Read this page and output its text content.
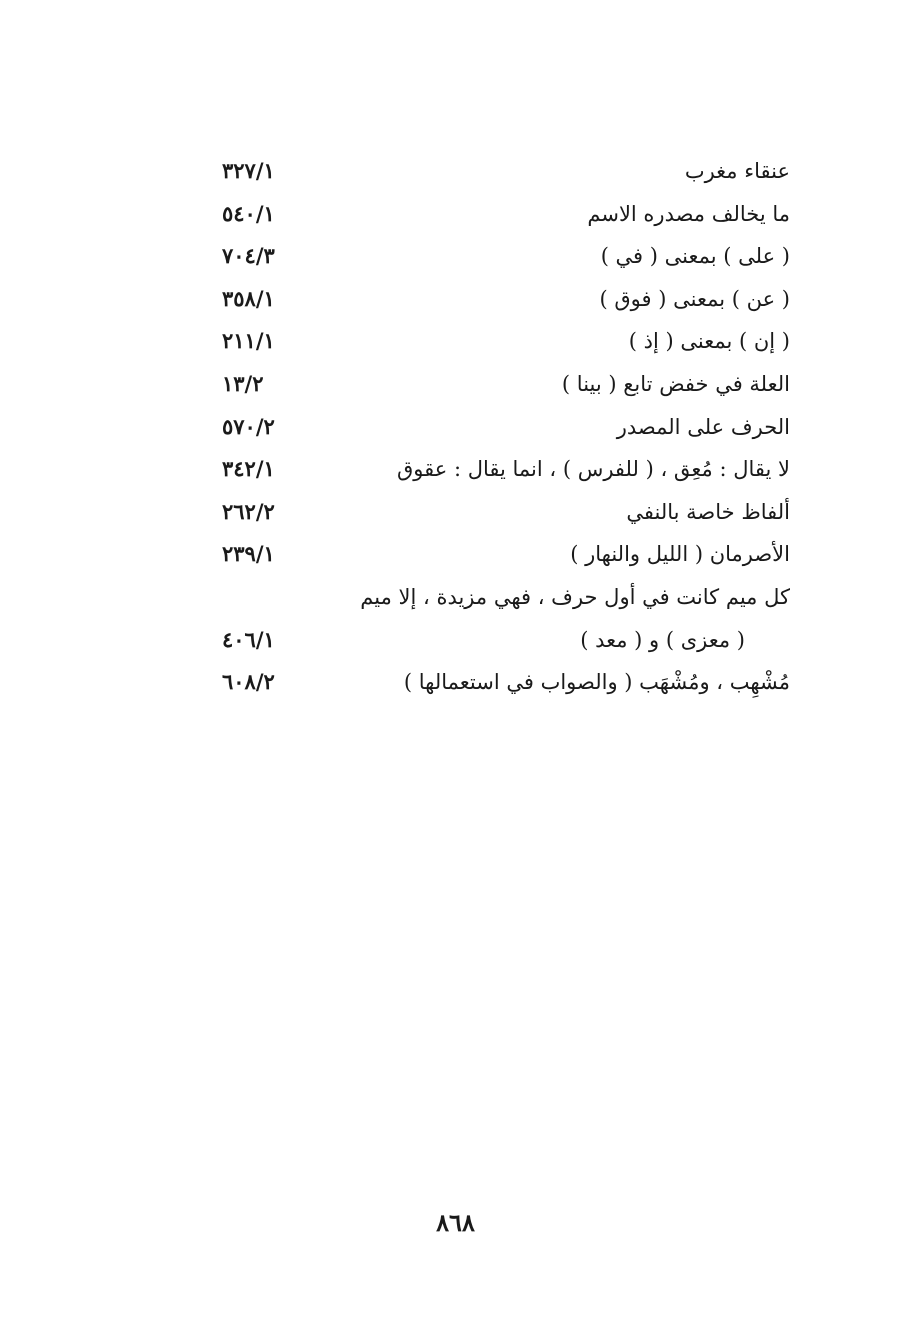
عنقاء مغرب
٣٢٧/١
ما يخالف مصدره الاسم
٥٤٠/١
( على ) بمعنى ( في )
٧٠٤/٣
( عن ) بمعنى ( فوق )
٣٥٨/١
( إن ) بمعنى ( إذ )
٢١١/١
العلة في خفض تابع ( بينا )
١٣/٢
الحرف على المصدر
٥٧٠/٢
لا يقال : مُعِق ، ( للفرس ) ، انما يقال : عقوق
٣٤٢/١
ألفاظ خاصة بالنفي
٢٦٢/٢
الأصرمان ( الليل والنهار )
٢٣٩/١
كل ميم كانت في أول حرف ، فهي مزيدة ، إلا ميم
( معزى ) و ( معد )
٤٠٦/١
مُشْهِب ، ومُشْهَب ( والصواب في استعمالها )
٦٠٨/٢
٨٦٨
